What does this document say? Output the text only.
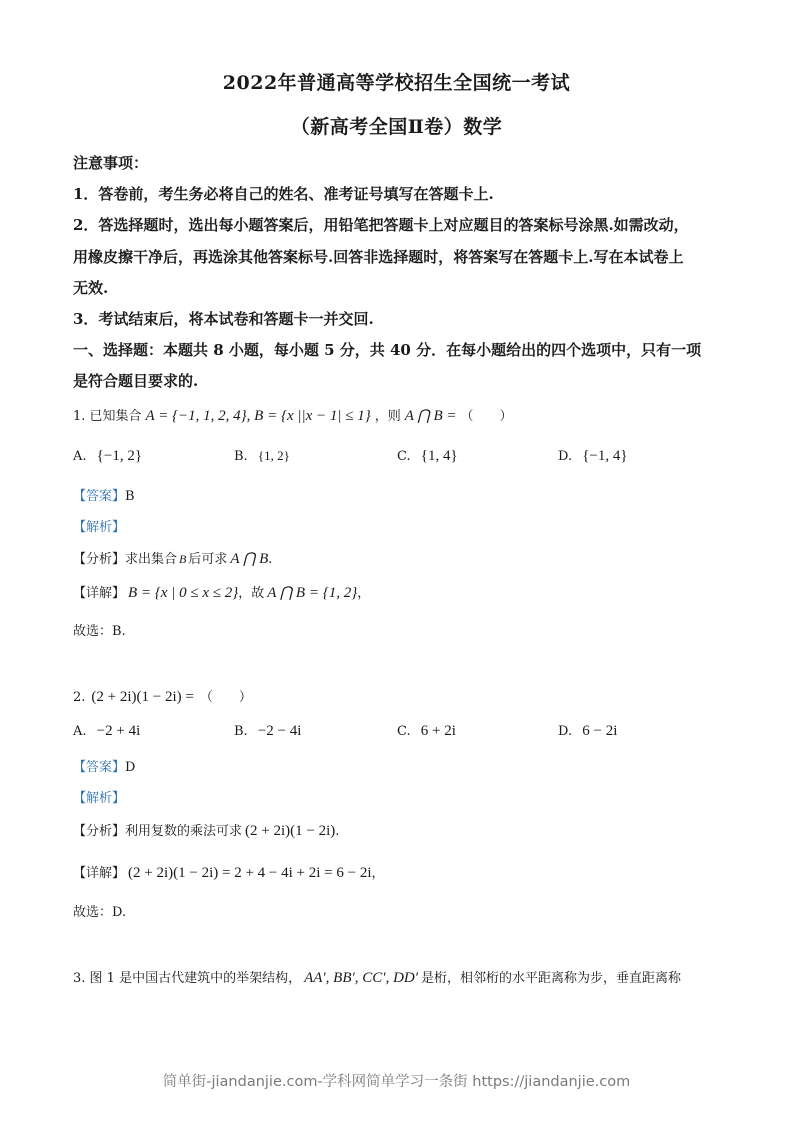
2022年普通高等学校招生全国统一考试
（新高考全国Ⅱ卷）数学
注意事项：
1．答卷前，考生务必将自己的姓名、准考证号填写在答题卡上.
2．答选择题时，选出每小题答案后，用铅笔把答题卡上对应题目的答案标号涂黑.如需改动，
用橡皮擦干净后，再选涂其他答案标号.回答非选择题时，将答案写在答题卡上.写在本试卷上
无效.
3．考试结束后，将本试卷和答题卡一并交回.
一、选择题：本题共 8 小题，每小题 5 分，共 40 分．在每小题给出的四个选项中，只有一项
是符合题目要求的.
1. 已知集合 A = {−1, 1, 2, 4}, B = {x ||x − 1| ≤ 1} ，则 A ⋂ B = （　　）
A. {−1, 2}	B. {1, 2}	C. {1, 4}	D. {−1, 4}
【答案】B
【解析】
【分析】 求出集合 B 后可求 A ⋂ B .
【详解】 B = {x | 0 ≤ x ≤ 2} ，故 A ⋂ B = {1, 2} ，
故选：B.
2. (2 + 2i)(1 − 2i) = （　　）
A. −2 + 4i	B. −2 − 4i	C. 6 + 2i	D. 6 − 2i
【答案】D
【解析】
【分析】 利用复数的乘法可求 (2 + 2i)(1 − 2i) .
【详解】 (2 + 2i)(1 − 2i) = 2 + 4 − 4i + 2i = 6 − 2i ，
故选：D.
3. 图 1 是中国古代建筑中的举架结构， AA′, BB′, CC′, DD′ 是桁，相邻桁的水平距离称为步，垂直距离称
简单街-jiandanjie.com-学科网简单学习一条街 https://jiandanjie.com
